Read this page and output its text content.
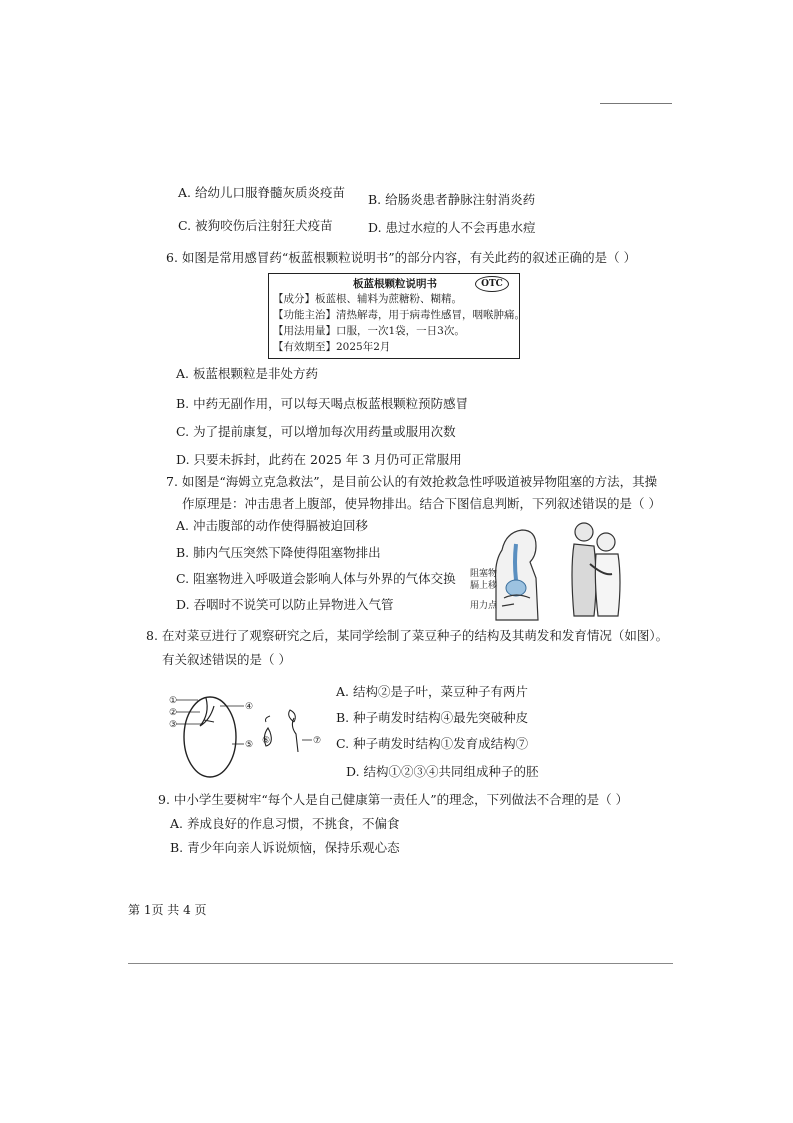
A. 给幼儿口服脊髓灰质炎疫苗 B. 给肠炎患者静脉注射消炎药
C. 被狗咬伤后注射狂犬疫苗	D. 患过水痘的人不会再患水痘
6. 如图是常用感冒药“板蓝根颗粒说明书”的部分内容，有关此药的叙述正确的是（ ）
板蓝根颗粒说明书	OTC
【成分】板蓝根、辅料为蔗糖粉、糊精。
【功能主治】清热解毒，用于病毒性感冒，咽喉肿痛。
【用法用量】口服，一次1袋，一日3次。
【有效期至】2025年2月
A. 板蓝根颗粒是非处方药
B. 中药无副作用，可以每天喝点板蓝根颗粒预防感冒
C. 为了提前康复，可以增加每次用药量或服用次数
D. 只要未拆封，此药在 2025 年 3 月仍可正常服用
7. 如图是“海姆立克急救法”，是目前公认的有效抢救急性呼吸道被异物阻塞的方法，其操
作原理是：冲击患者上腹部，使异物排出。结合下图信息判断，下列叙述错误的是（ ）
A. 冲击腹部的动作使得膈被迫回移
B. 肺内气压突然下降使得阻塞物排出
C. 阻塞物进入呼吸道会影响人体与外界的气体交换
D. 吞咽时不说笑可以防止异物进入气管
阻塞物
膈上移
用力点
8. 在对菜豆进行了观察研究之后，某同学绘制了菜豆种子的结构及其萌发和发育情况（如图）。
有关叙述错误的是（ ）
①
②
③
④
⑤ ⑥	⑦
A. 结构②是子叶，菜豆种子有两片
B. 种子萌发时结构④最先突破种皮
C. 种子萌发时结构①发育成结构⑦
D. 结构①②③④共同组成种子的胚
9. 中小学生要树牢“每个人是自己健康第一责任人”的理念，下列做法不合理的是（ ）
A. 养成良好的作息习惯，不挑食，不偏食
B. 青少年向亲人诉说烦恼，保持乐观心态
第 1页 共 4 页
